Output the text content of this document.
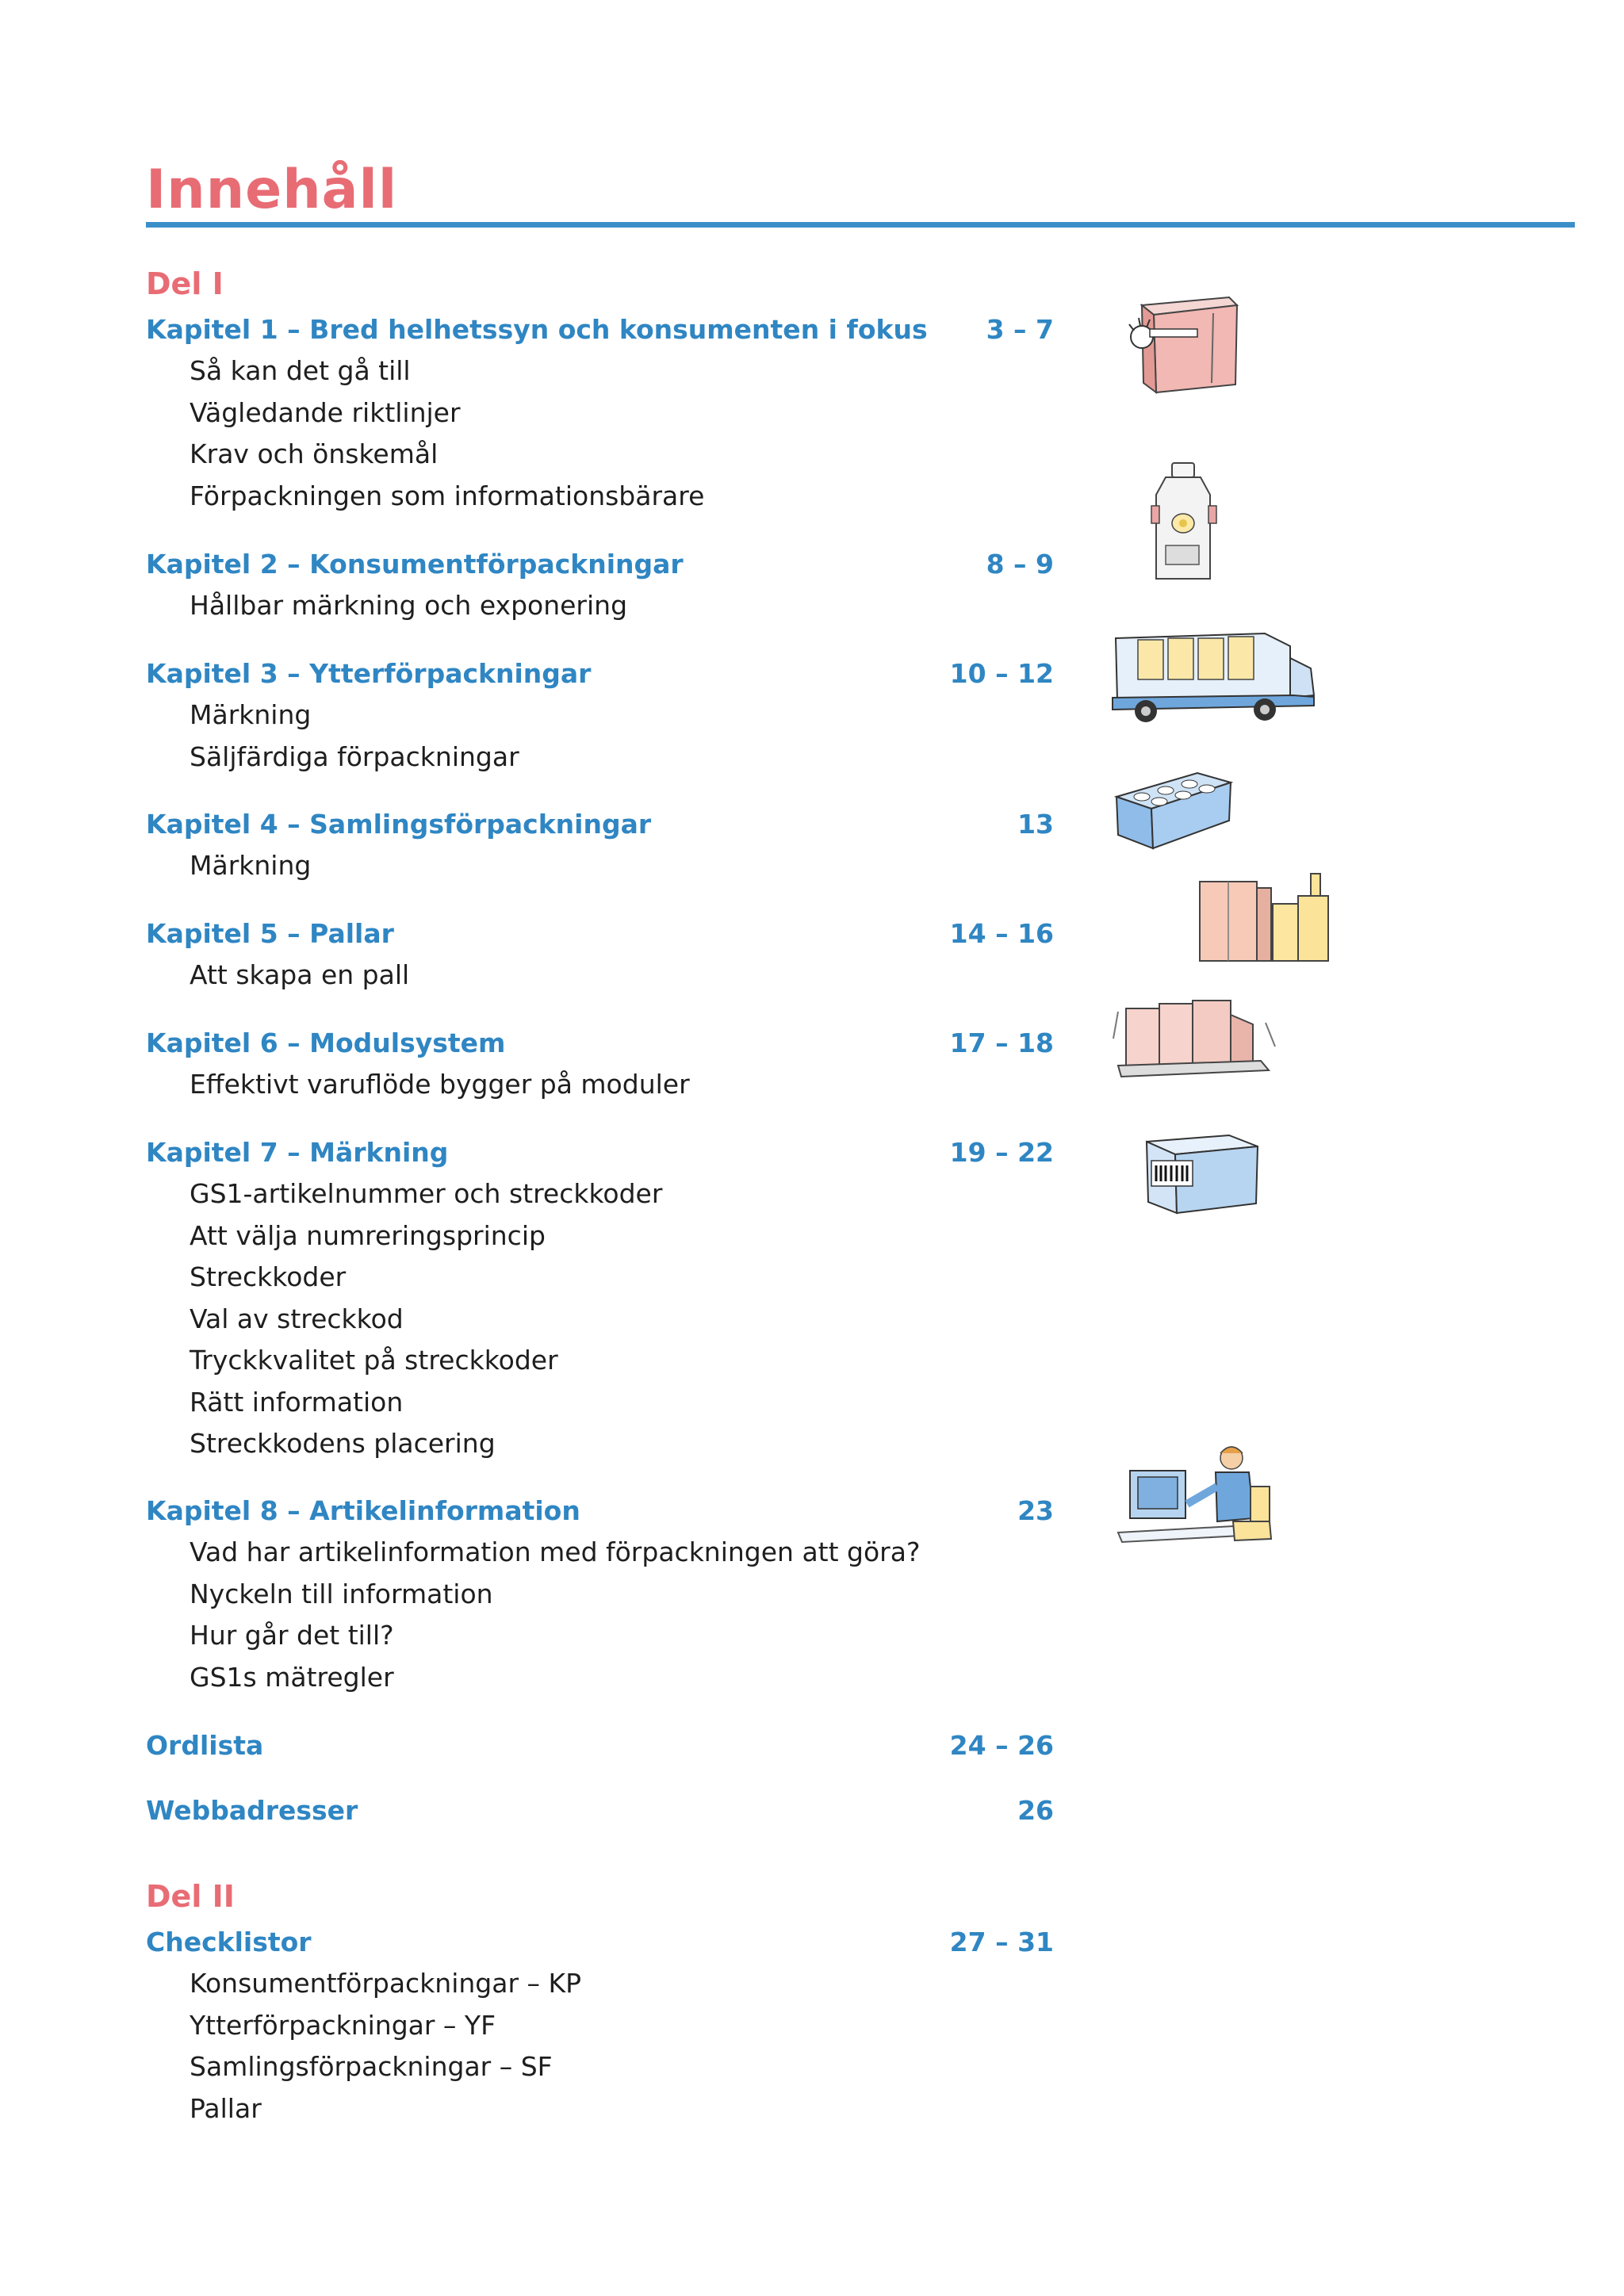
Innehåll
Del I
Kapitel 1 – Bred helhetssyn och konsumenten i fokus 3 – 7
Så kan det gå till
Vägledande riktlinjer
Krav och önskemål
Förpackningen som informationsbärare
Kapitel 2 – Konsumentförpackningar	8 – 9
Hållbar märkning och exponering
Kapitel 3 – Ytterförpackningar	10 – 12
Märkning
Säljfärdiga förpackningar
Kapitel 4 – Samlingsförpackningar	13
Märkning
Kapitel 5 – Pallar	14 – 16
Att skapa en pall
Kapitel 6 – Modulsystem	17 – 18
Effektivt varuflöde bygger på moduler
Kapitel 7 – Märkning	19 – 22
GS1-artikelnummer och streckkoder
Att välja numreringsprincip
Streckkoder
Val av streckkod
Tryckkvalitet på streckkoder
Rätt information
Streckkodens placering
Kapitel 8 – Artikelinformation	23
Vad har artikelinformation med förpackningen att göra?
Nyckeln till information
Hur går det till?
GS1s mätregler
Ordlista	24 – 26
Webbadresser	26
Del II
Checklistor	27 – 31
Konsumentförpackningar – KP
Ytterförpackningar – YF
Samlingsförpackningar – SF
Pallar
